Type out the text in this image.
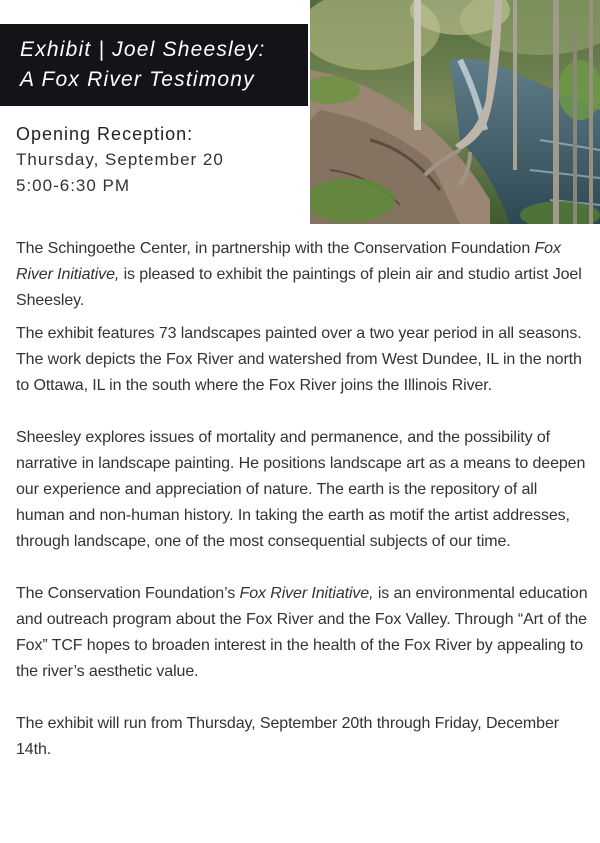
Exhibit | Joel Sheesley:
A Fox River Testimony
Opening Reception:
Thursday, September 20
5:00-6:30 PM

The Schingoethe Center, in partnership with the Conservation Foundation Fox River Initiative, is pleased to exhibit the paintings of plein air and studio artist Joel Sheesley.

The exhibit features 73 landscapes painted over a two year period in all seasons. The work depicts the Fox River and watershed from West Dundee, IL in the north to Ottawa, IL in the south where the Fox River joins the Illinois River.

Sheesley explores issues of mortality and permanence, and the possibility of narrative in landscape painting. He positions landscape art as a means to deepen our experience and appreciation of nature. The earth is the repository of all human and non-human history. In taking the earth as motif the artist addresses, through landscape, one of the most consequential subjects of our time.

The Conservation Foundation’s Fox River Initiative, is an environmental education and outreach program about the Fox River and the Fox Valley. Through “Art of the Fox” TCF hopes to broaden interest in the health of the Fox River by appealing to the river’s aesthetic value.

The exhibit will run from Thursday, September 20th through Friday, December 14th.
